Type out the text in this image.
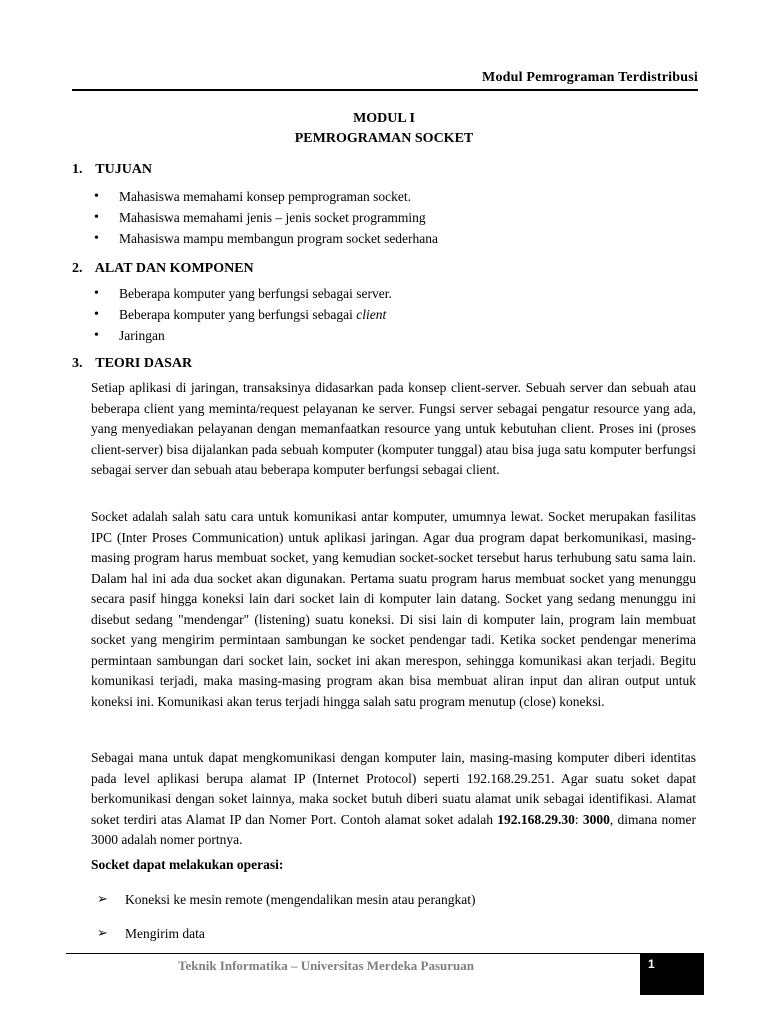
Modul Pemrograman Terdistribusi
MODUL I
PEMROGRAMAN SOCKET
1. TUJUAN
• Mahasiswa memahami konsep pemprograman socket.
• Mahasiswa memahami jenis – jenis socket programming
• Mahasiswa mampu membangun program socket sederhana
2. ALAT DAN KOMPONEN
• Beberapa komputer yang berfungsi sebagai server.
• Beberapa komputer yang berfungsi sebagai client
• Jaringan
3. TEORI DASAR

Setiap aplikasi di jaringan, transaksinya didasarkan pada konsep client-server. Sebuah server dan sebuah atau beberapa client yang meminta/request pelayanan ke server. Fungsi server sebagai pengatur resource yang ada, yang menyediakan pelayanan dengan memanfaatkan resource yang untuk kebutuhan client. Proses ini (proses client-server) bisa dijalankan pada sebuah komputer (komputer tunggal) atau bisa juga satu komputer berfungsi sebagai server dan sebuah atau beberapa komputer berfungsi sebagai client.

Socket adalah salah satu cara untuk komunikasi antar komputer, umumnya lewat. Socket merupakan fasilitas IPC (Inter Proses Communication) untuk aplikasi jaringan. Agar dua program dapat berkomunikasi, masing-masing program harus membuat socket, yang kemudian socket-socket tersebut harus terhubung satu sama lain. Dalam hal ini ada dua socket akan digunakan. Pertama suatu program harus membuat socket yang menunggu secara pasif hingga koneksi lain dari socket lain di komputer lain datang. Socket yang sedang menunggu ini disebut sedang "mendengar" (listening) suatu koneksi. Di sisi lain di komputer lain, program lain membuat socket yang mengirim permintaan sambungan ke socket pendengar tadi. Ketika socket pendengar menerima permintaan sambungan dari socket lain, socket ini akan merespon, sehingga komunikasi akan terjadi. Begitu komunikasi terjadi, maka masing-masing program akan bisa membuat aliran input dan aliran output untuk koneksi ini. Komunikasi akan terus terjadi hingga salah satu program menutup (close) koneksi.

Sebagai mana untuk dapat mengkomunikasi dengan komputer lain, masing-masing komputer diberi identitas pada level aplikasi berupa alamat IP (Internet Protocol) seperti 192.168.29.251. Agar suatu soket dapat berkomunikasi dengan soket lainnya, maka socket butuh diberi suatu alamat unik sebagai identifikasi. Alamat soket terdiri atas Alamat IP dan Nomer Port. Contoh alamat soket adalah 192.168.29.30: 3000, dimana nomer 3000 adalah nomer portnya.

Socket dapat melakukan operasi:
➢ Koneksi ke mesin remote (mengendalikan mesin atau perangkat)
➢ Mengirim data
Teknik Informatika – Universitas Merdeka Pasuruan	1
